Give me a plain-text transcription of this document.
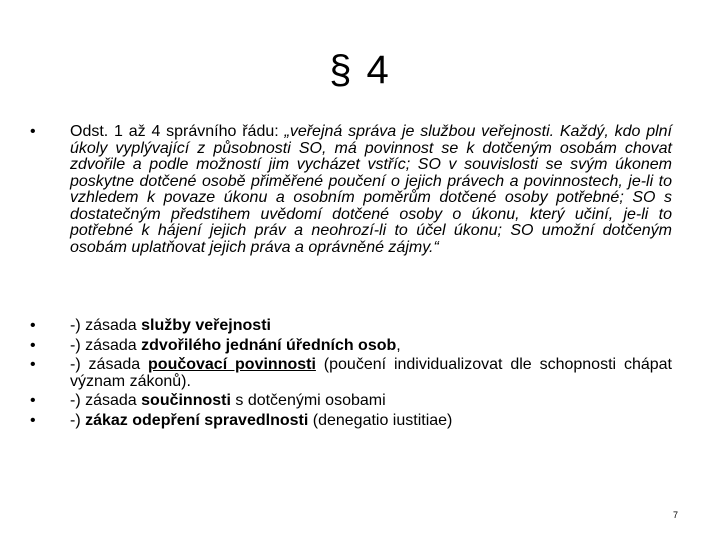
§ 4
•	Odst. 1 až 4 správního řádu: „veřejná správa je službou veřejnosti. Každý, kdo plní úkoly vyplývající z působnosti SO, má povinnost se k dotčeným osobám chovat zdvořile a podle možností jim vycházet vstříc; SO v souvislosti se svým úkonem poskytne dotčené osobě přiměřené poučení o jejich právech a povinnostech, je-li to vzhledem k povaze úkonu a osobním poměrům dotčené osoby potřebné; SO s dostatečným předstihem uvědomí dotčené osoby o úkonu, který učiní, je-li to potřebné k hájení jejich práv a neohrozí-li to účel úkonu; SO umožní dotčeným osobám uplatňovat jejich práva a oprávněné zájmy.“
•	-) zásada služby veřejnosti
•	-) zásada zdvořilého jednání úředních osob,
•	-) zásada poučovací povinnosti (poučení individualizovat dle schopnosti chápat význam zákonů).
•	-) zásada součinnosti s dotčenými osobami
•	-) zákaz odepření spravedlnosti (denegatio iustitiae)
7
